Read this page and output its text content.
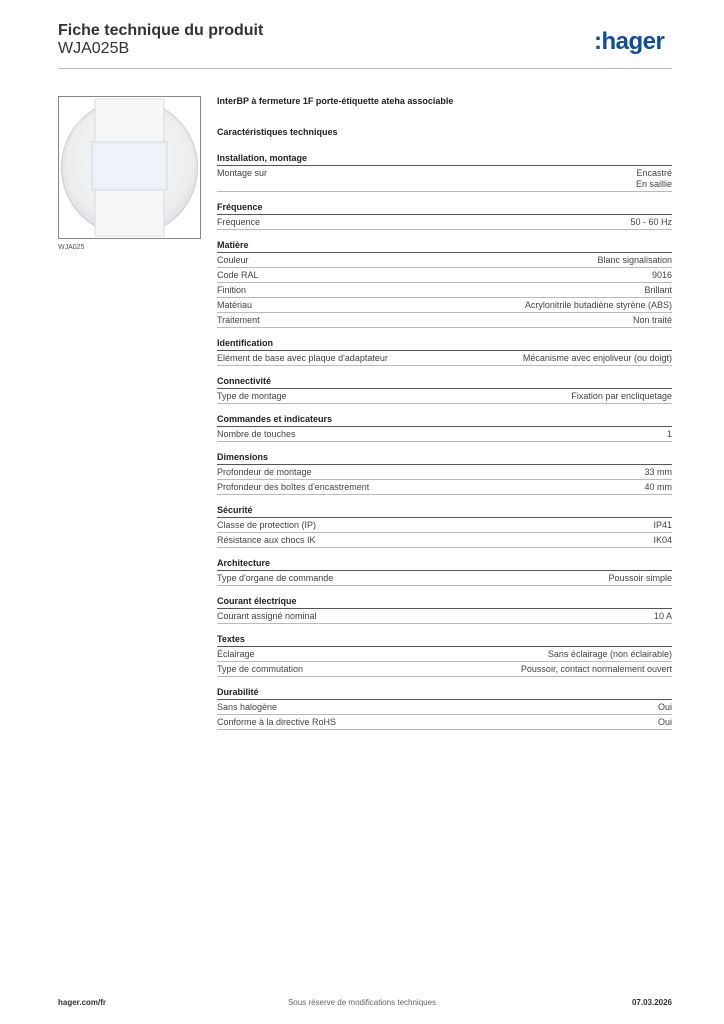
Fiche technique du produit
WJA025B	:hager
WJA025
InterBP à fermeture 1F porte-étiquette ateha associable
Caractéristiques techniques
Installation, montage
Montage sur	Encastré
En saillie
Fréquence
Fréquence	50 - 60 Hz
Matière
Couleur	Blanc signalisation
Code RAL	9016
Finition	Brillant
Matériau	Acrylonitrile butadiène styrène (ABS)
Traitement	Non traité
Identification
Elément de base avec plaque d'adaptateur	Mécanisme avec enjoliveur (ou doigt)
Connectivité
Type de montage	Fixation par encliquetage
Commandes et indicateurs
Nombre de touches	1
Dimensions
Profondeur de montage	33 mm
Profondeur des boîtes d'encastrement	40 mm
Sécurité
Classe de protection (IP)	IP41
Résistance aux chocs IK	IK04
Architecture
Type d'organe de commande	Poussoir simple
Courant électrique
Courant assigné nominal	10 A
Textes
Éclairage	Sans éclairage (non éclairable)
Type de commutation	Poussoir, contact normalement ouvert
Durabilité
Sans halogène	Oui
Conforme à la directive RoHS	Oui
hager.com/fr	Sous réserve de modifications techniques	07.03.2026
